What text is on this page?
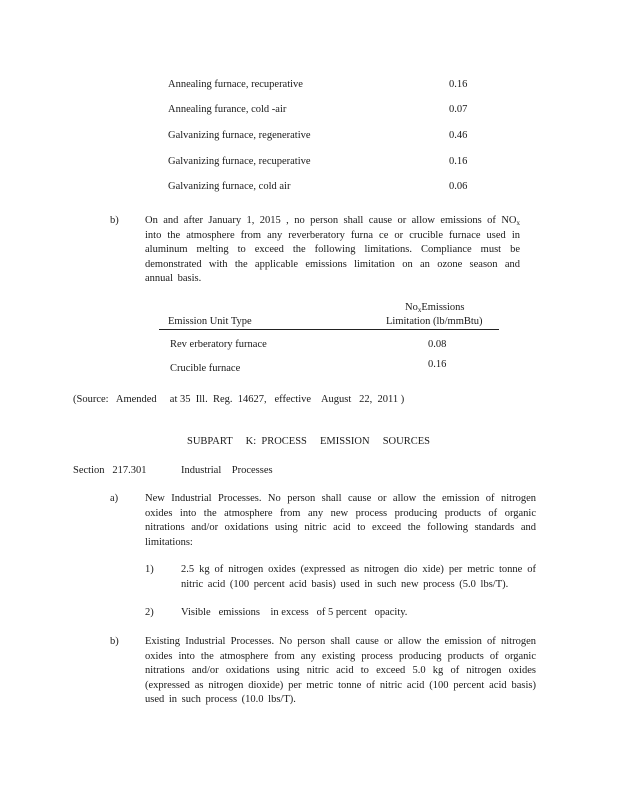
Annealing furnace, recuperative	0.16
Annealing furance, cold -air	0.07
Galvanizing furnace, regenerative	0.46
Galvanizing furnace, recuperative	0.16
Galvanizing furnace, cold air	0.06
b)	On and after January 1, 2015 , no person shall cause or allow emissions of $NO_x$ into the atmosphere from any reverberatory furna ce or crucible furnace used in aluminum melting to exceed the following limitations. Compliance must be demonstrated with the applicable emissions limitation on an ozone season and annual basis.
$No_xEmissions$
Emission Unit Type	Limitation (lb/mmBtu)
Rev erberatory furnace	0.08
Crucible furnace	0.16
(Source:   Amended     at 35  Ill.  Reg.  14627,   effective    August   22,  2011 )
SUBPART     K:  PROCESS     EMISSION     SOURCES
Section   217.301	Industrial    Processes
a)	New Industrial Processes. No person shall cause or allow the emission of nitrogen oxides into the atmosphere from any new process producing products of organic nitrations and/or oxidations using nitric acid to exceed the following standards and limitations:
1)	2.5 kg of nitrogen oxides (expressed as nitrogen dio xide) per metric tonne of nitric acid (100 percent acid basis) used in such new process (5.0 lbs/T).
2)	Visible   emissions    in excess   of 5 percent   opacity.
b)	Existing Industrial Processes. No person shall cause or allow the emission of nitrogen oxides into the atmosphere from any existing process producing products of organic nitrations and/or oxidations using nitric acid to exceed 5.0 kg of nitrogen oxides (expressed as nitrogen dioxide) per metric tonne of nitric acid (100 percent acid basis) used in such process (10.0 lbs/T).
